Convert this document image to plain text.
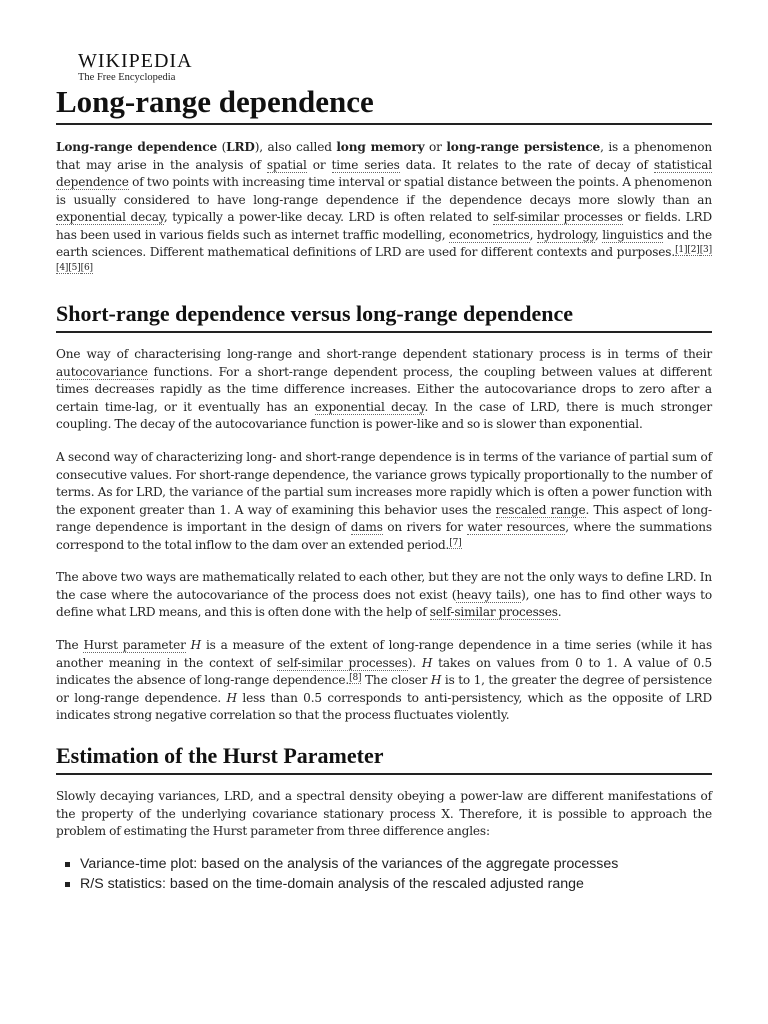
WIKIPEDIA
The Free Encyclopedia
Long-range dependence

Long-range dependence (LRD), also called long memory or long-range persistence, is a phenomenon that may arise in the analysis of spatial or time series data. It relates to the rate of decay of statistical dependence of two points with increasing time interval or spatial distance between the points. A phenomenon is usually considered to have long-range dependence if the dependence decays more slowly than an exponential decay, typically a power-like decay. LRD is often related to self-similar processes or fields. LRD has been used in various fields such as internet traffic modelling, econometrics, hydrology, linguistics and the earth sciences. Different mathematical definitions of LRD are used for different contexts and purposes.[1][2][3][4][5][6]

Short-range dependence versus long-range dependence

One way of characterising long-range and short-range dependent stationary process is in terms of their autocovariance functions. For a short-range dependent process, the coupling between values at different times decreases rapidly as the time difference increases. Either the autocovariance drops to zero after a certain time-lag, or it eventually has an exponential decay. In the case of LRD, there is much stronger coupling. The decay of the autocovariance function is power-like and so is slower than exponential.

A second way of characterizing long- and short-range dependence is in terms of the variance of partial sum of consecutive values. For short-range dependence, the variance grows typically proportionally to the number of terms. As for LRD, the variance of the partial sum increases more rapidly which is often a power function with the exponent greater than 1. A way of examining this behavior uses the rescaled range. This aspect of long-range dependence is important in the design of dams on rivers for water resources, where the summations correspond to the total inflow to the dam over an extended period.[7]

The above two ways are mathematically related to each other, but they are not the only ways to define LRD. In the case where the autocovariance of the process does not exist (heavy tails), one has to find other ways to define what LRD means, and this is often done with the help of self-similar processes.

The Hurst parameter H is a measure of the extent of long-range dependence in a time series (while it has another meaning in the context of self-similar processes). H takes on values from 0 to 1. A value of 0.5 indicates the absence of long-range dependence.[8] The closer H is to 1, the greater the degree of persistence or long-range dependence. H less than 0.5 corresponds to anti-persistency, which as the opposite of LRD indicates strong negative correlation so that the process fluctuates violently.

Estimation of the Hurst Parameter

Slowly decaying variances, LRD, and a spectral density obeying a power-law are different manifestations of the property of the underlying covariance stationary process X. Therefore, it is possible to approach the problem of estimating the Hurst parameter from three difference angles:

Variance-time plot: based on the analysis of the variances of the aggregate processes
R/S statistics: based on the time-domain analysis of the rescaled adjusted range
